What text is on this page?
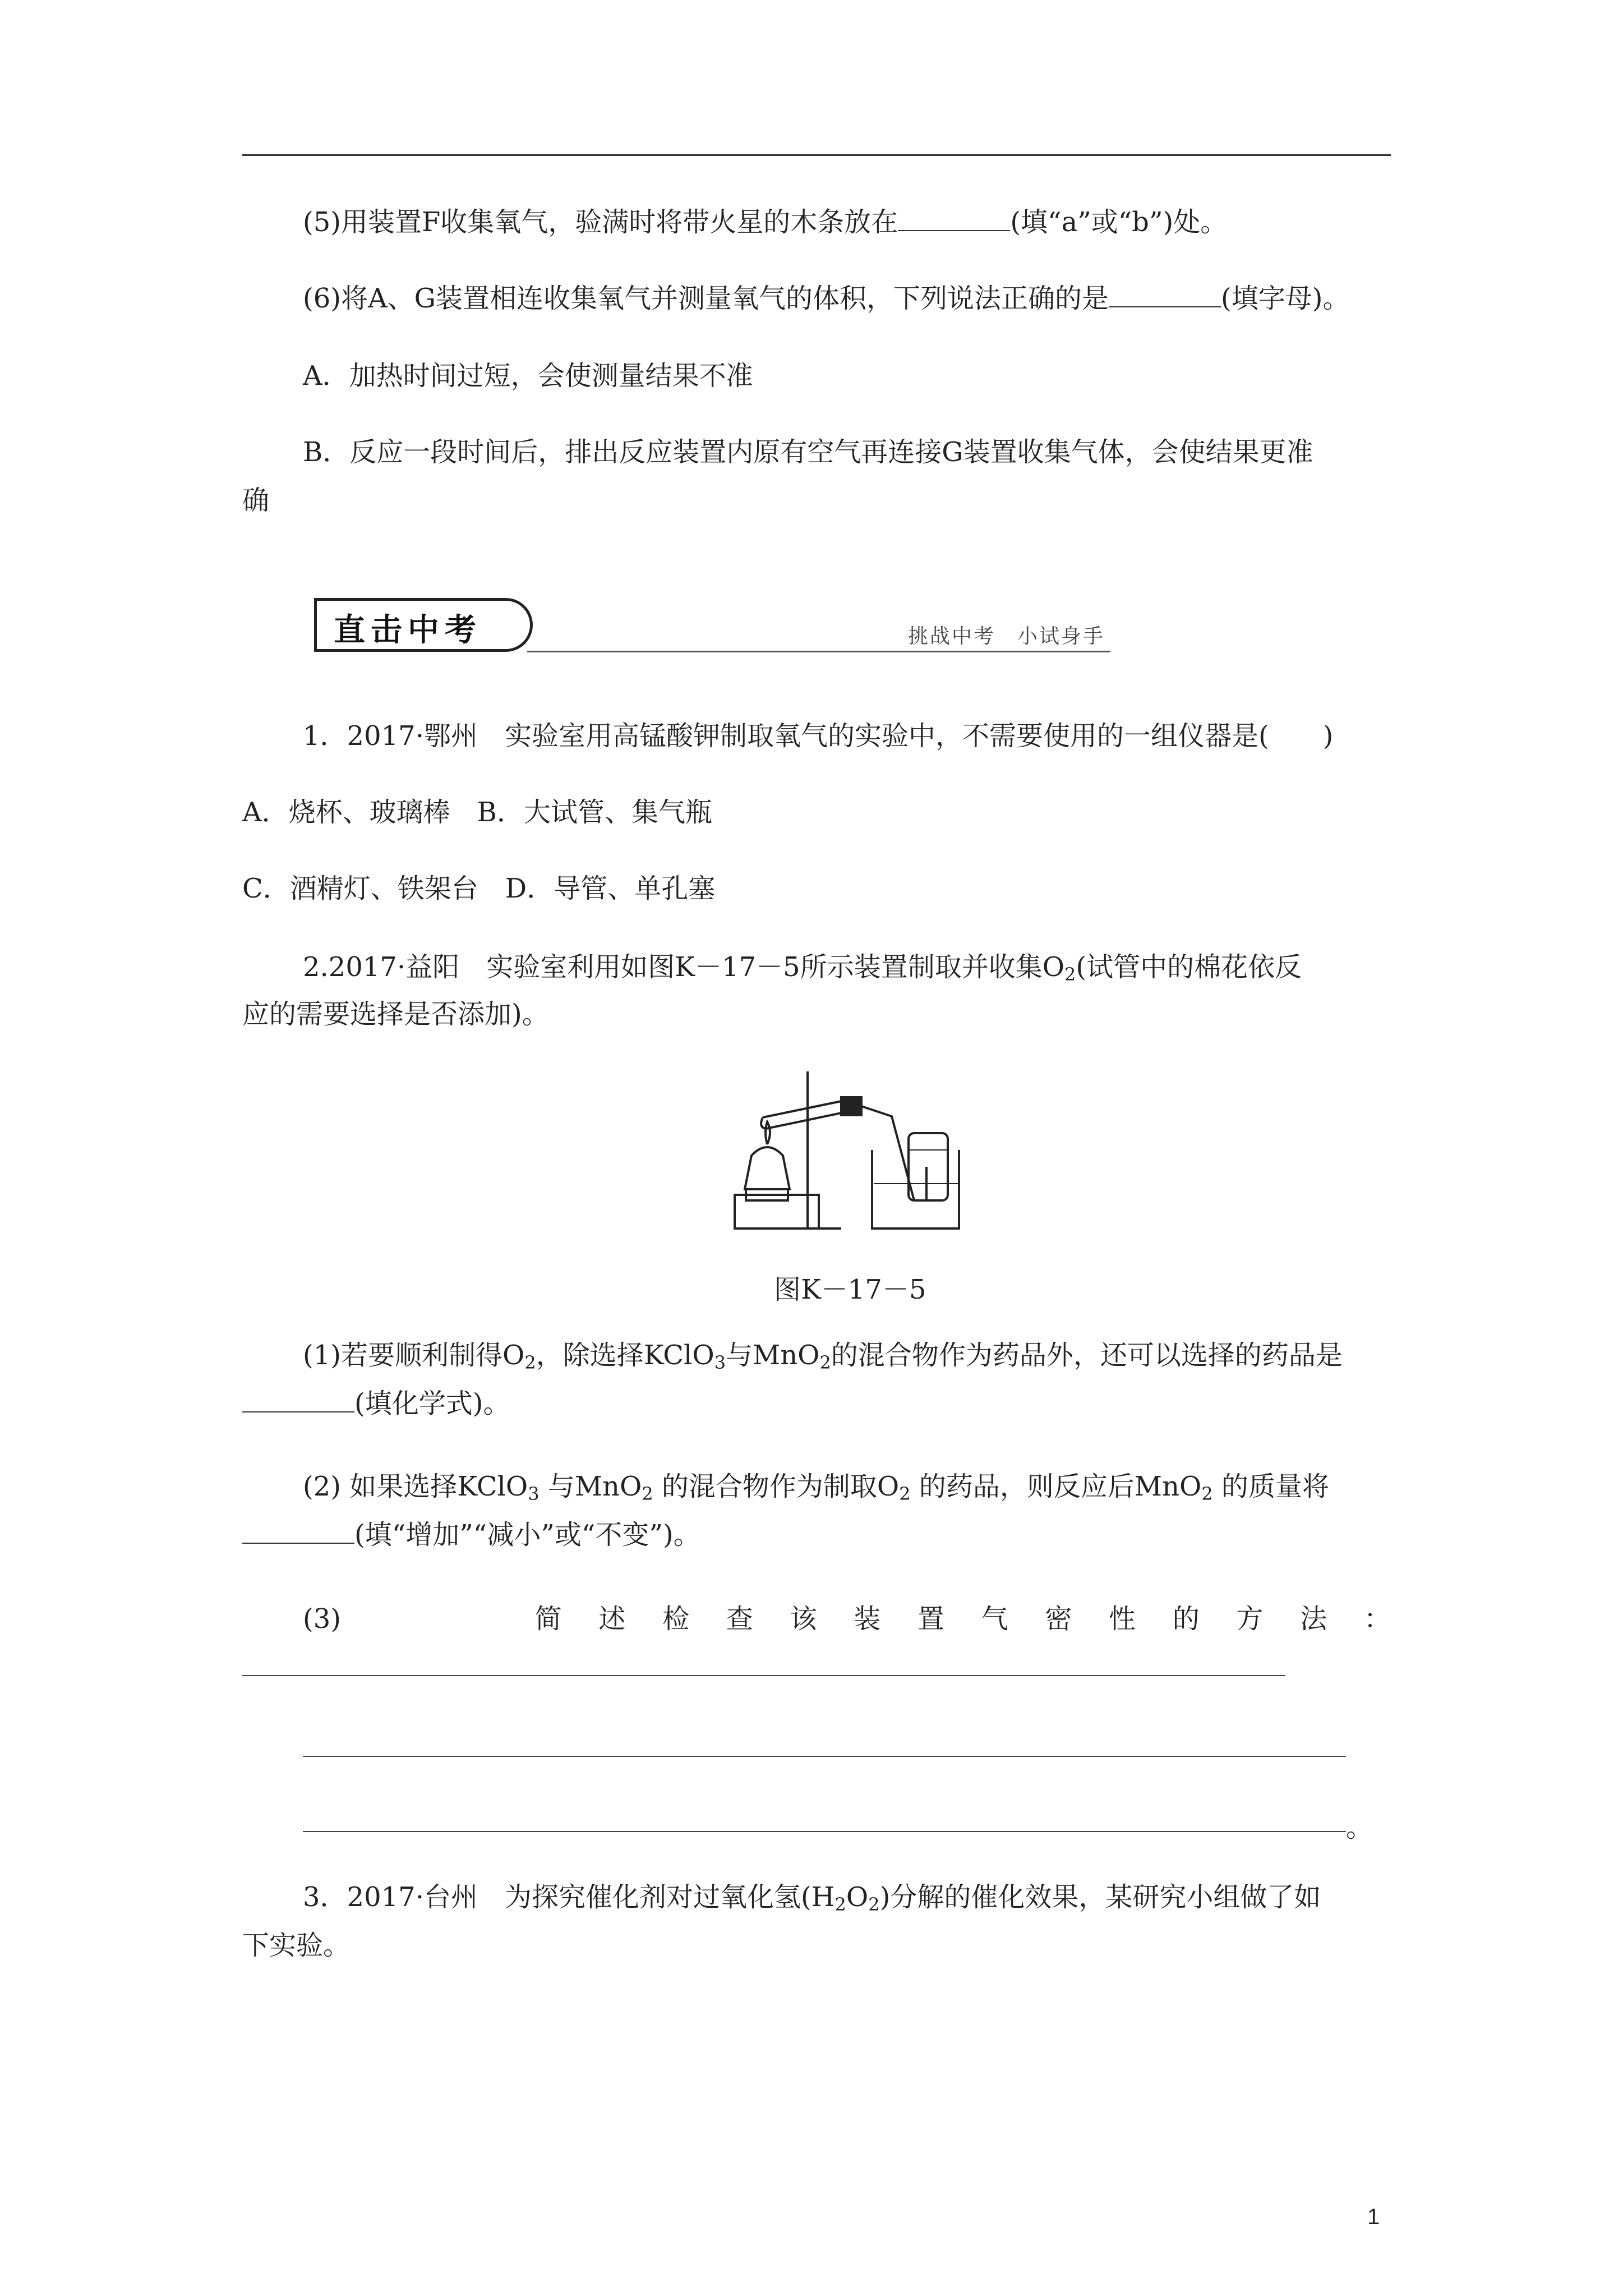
(5)用装置F收集氧气，验满时将带火星的木条放在	(填“a”或“b”)处。
(6)将A、G装置相连收集氧气并测量氧气的体积，下列说法正确的是	(填字母)。
A．加热时间过短，会使测量结果不准
B．反应一段时间后，排出反应装置内原有空气再连接G装置收集气体，会使结果更准
确
直击中考	挑战中考　小试身手
1．2017·鄂州　实验室用高锰酸钾制取氧气的实验中，不需要使用的一组仪器是(　　)
A．烧杯、玻璃棒　B．大试管、集气瓶
C．酒精灯、铁架台　D．导管、单孔塞
2.2017·益阳　实验室利用如图K－17－5所示装置制取并收集$O_2$(试管中的棉花依反
应的需要选择是否添加)。
图K－17－5
(1)若要顺利制得$O_2$，除选择KClO$_3$与MnO$_2$的混合物作为药品外，还可以选择的药品是
(填化学式)。
(2) 如果选择KClO$_3$ 与MnO$_2$ 的混合物作为制取$O_2$ 的药品，则反应后MnO$_2$ 的质量将
(填“增加”“减小”或“不变”)。
(3)	简 述 检 查 该 装 置 气 密 性 的 方 法 ：
。
3．2017·台州　为探究催化剂对过氧化氢$(H_2O_2)$分解的催化效果，某研究小组做了如
下实验。
1
